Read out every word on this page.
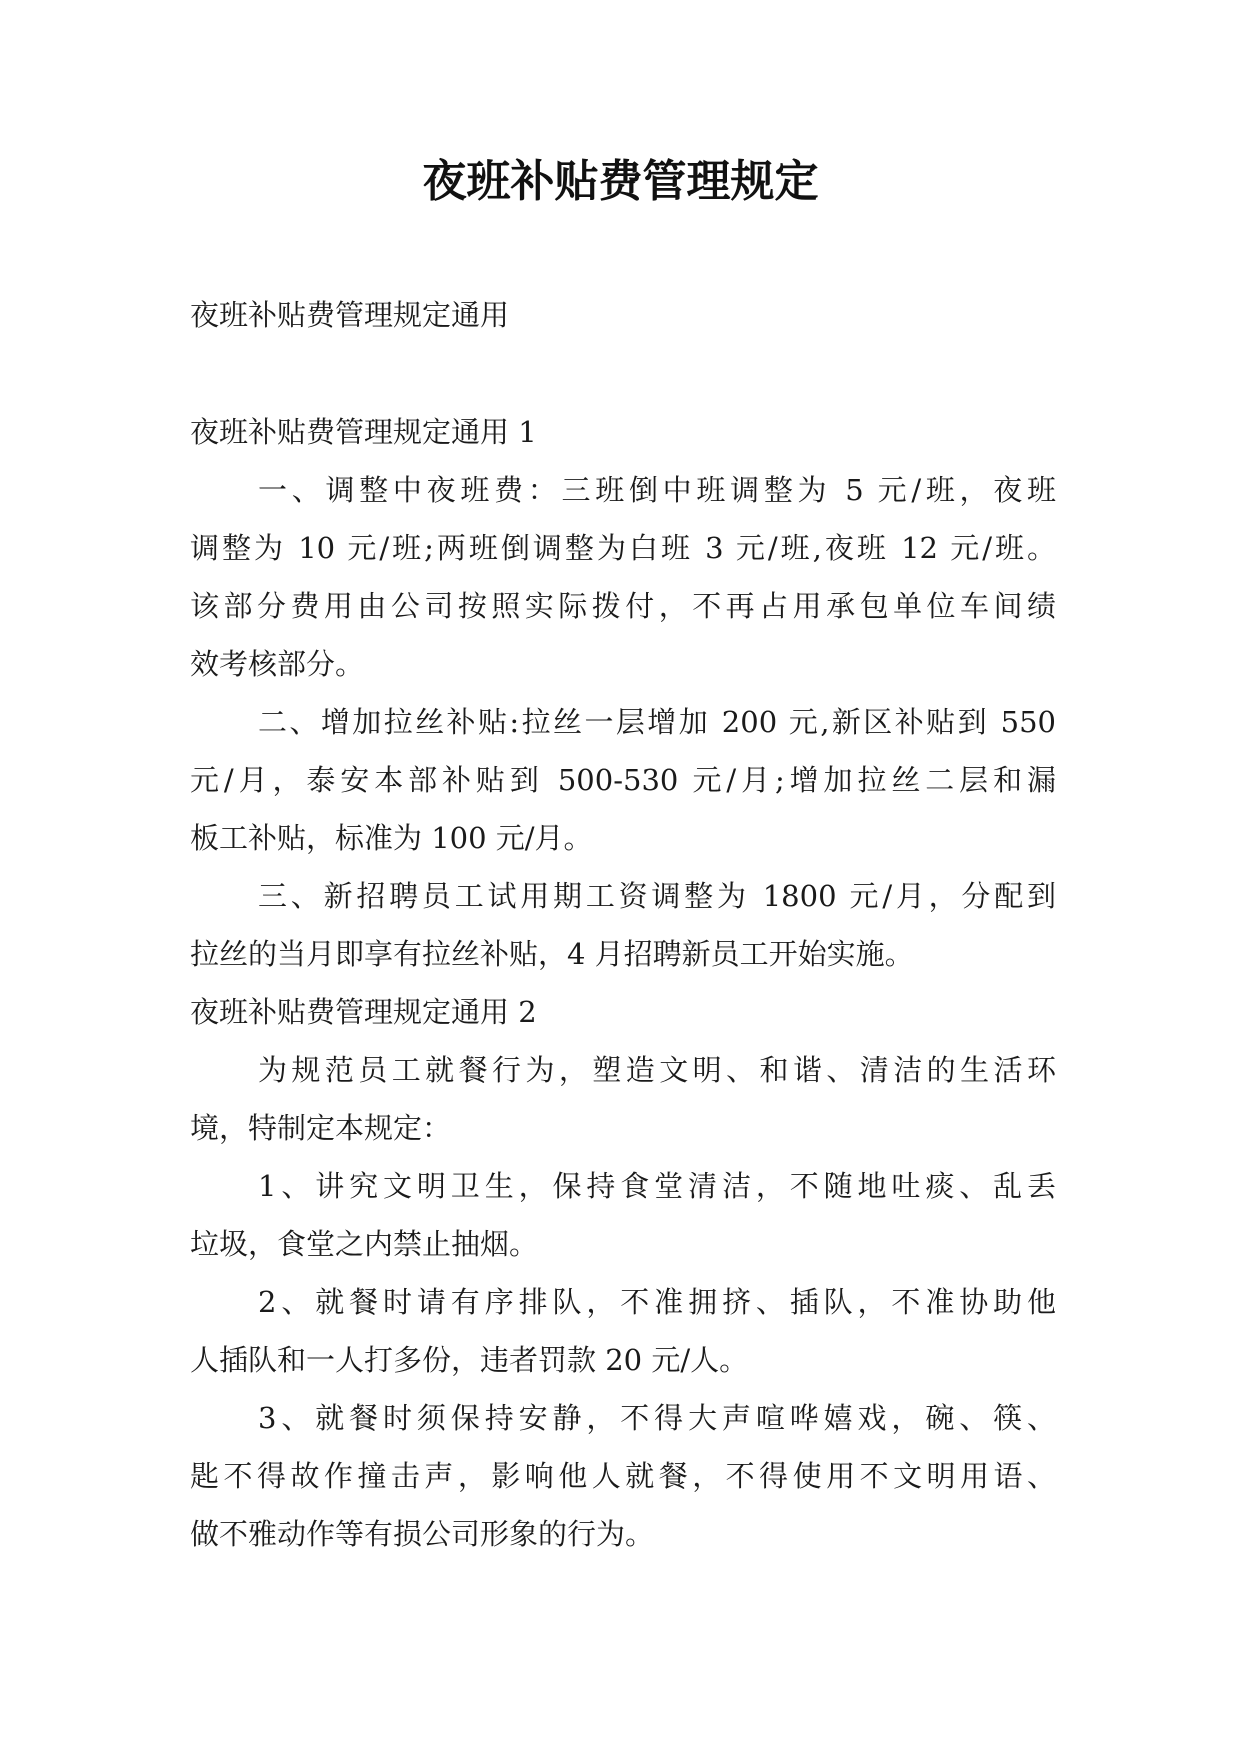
夜班补贴费管理规定

夜班补贴费管理规定通用

夜班补贴费管理规定通用 1

一、调整中夜班费：三班倒中班调整为 5 元/班，夜班

调整为 10 元/班;两班倒调整为白班 3 元/班,夜班 12 元/班。

该部分费用由公司按照实际拨付，不再占用承包单位车间绩

效考核部分。

二、增加拉丝补贴:拉丝一层增加 200 元,新区补贴到 550

元/月，泰安本部补贴到 500-530 元/月;增加拉丝二层和漏

板工补贴，标准为 100 元/月。

三、新招聘员工试用期工资调整为 1800 元/月，分配到

拉丝的当月即享有拉丝补贴，4 月招聘新员工开始实施。

夜班补贴费管理规定通用 2

为规范员工就餐行为，塑造文明、和谐、清洁的生活环

境，特制定本规定：

1、讲究文明卫生，保持食堂清洁，不随地吐痰、乱丢

垃圾，食堂之内禁止抽烟。

2、就餐时请有序排队，不准拥挤、插队，不准协助他

人插队和一人打多份，违者罚款 20 元/人。

3、就餐时须保持安静，不得大声喧哗嬉戏，碗、筷、

匙不得故作撞击声，影响他人就餐，不得使用不文明用语、

做不雅动作等有损公司形象的行为。
